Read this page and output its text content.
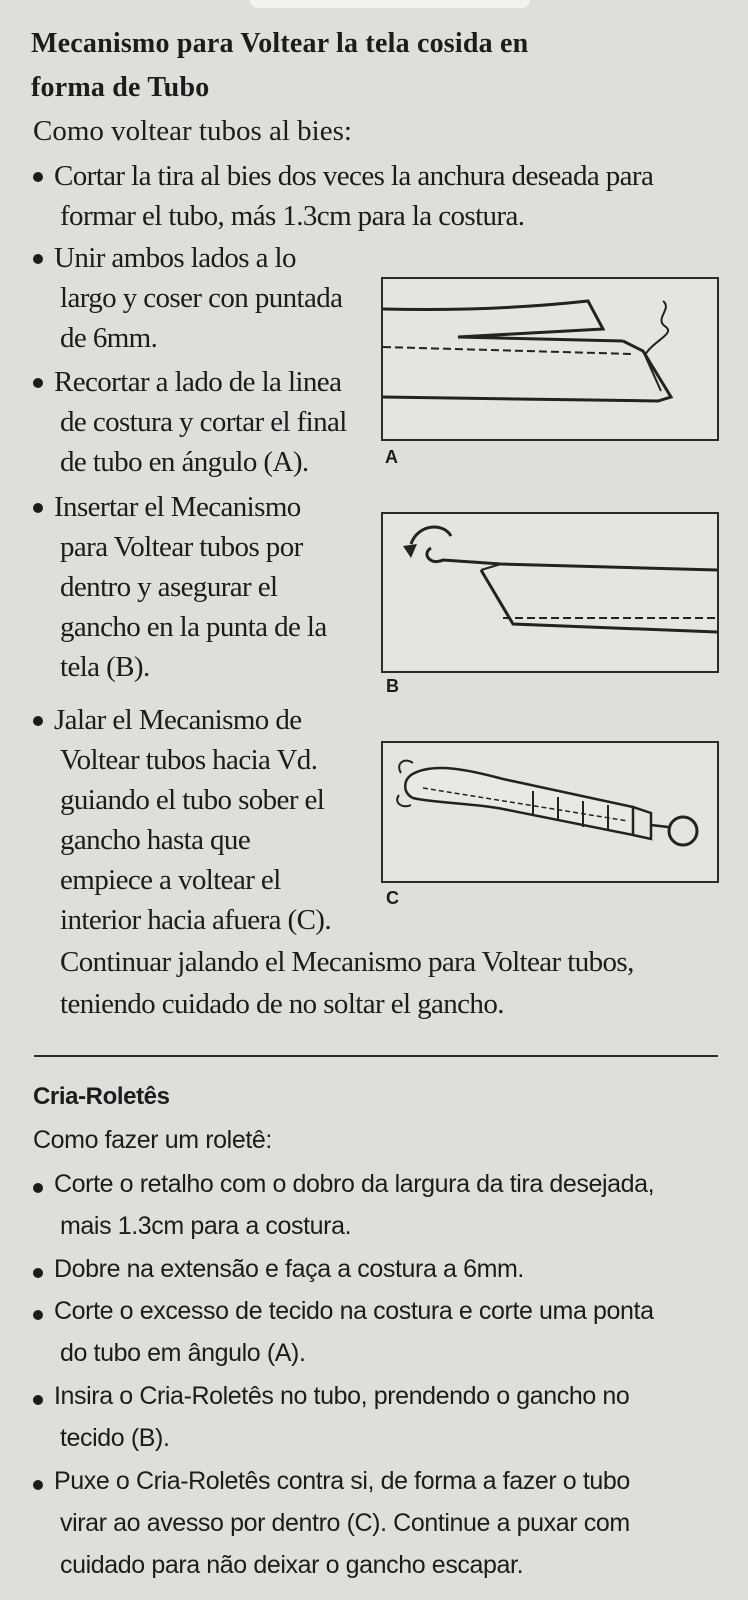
Mecanismo para Voltear la tela cosida en
forma de Tubo
Como voltear tubos al bies:
Cortar la tira al bies dos veces la anchura deseada para
formar el tubo, más 1.3cm para la costura.
Unir ambos lados a lo
largo y coser con puntada
de 6mm.
Recortar a lado de la linea
de costura y cortar el final
de tubo en ángulo (A).
Insertar el Mecanismo
para Voltear tubos por
dentro y asegurar el
gancho en la punta de la
tela (B).
Jalar el Mecanismo de
Voltear tubos hacia Vd.
guiando el tubo sober el
gancho hasta que
empiece a voltear el
interior hacia afuera (C).
Continuar jalando el Mecanismo para Voltear tubos,
teniendo cuidado de no soltar el gancho.
A
B
C
Cria-Roletês
Como fazer um roletê:
Corte o retalho com o dobro da largura da tira desejada,
mais 1.3cm para a costura.
Dobre na extensão e faça a costura a 6mm.
Corte o excesso de tecido na costura e corte uma ponta
do tubo em ângulo (A).
Insira o Cria-Roletês no tubo, prendendo o gancho no
tecido (B).
Puxe o Cria-Roletês contra si, de forma a fazer o tubo
virar ao avesso por dentro (C). Continue a puxar com
cuidado para não deixar o gancho escapar.
